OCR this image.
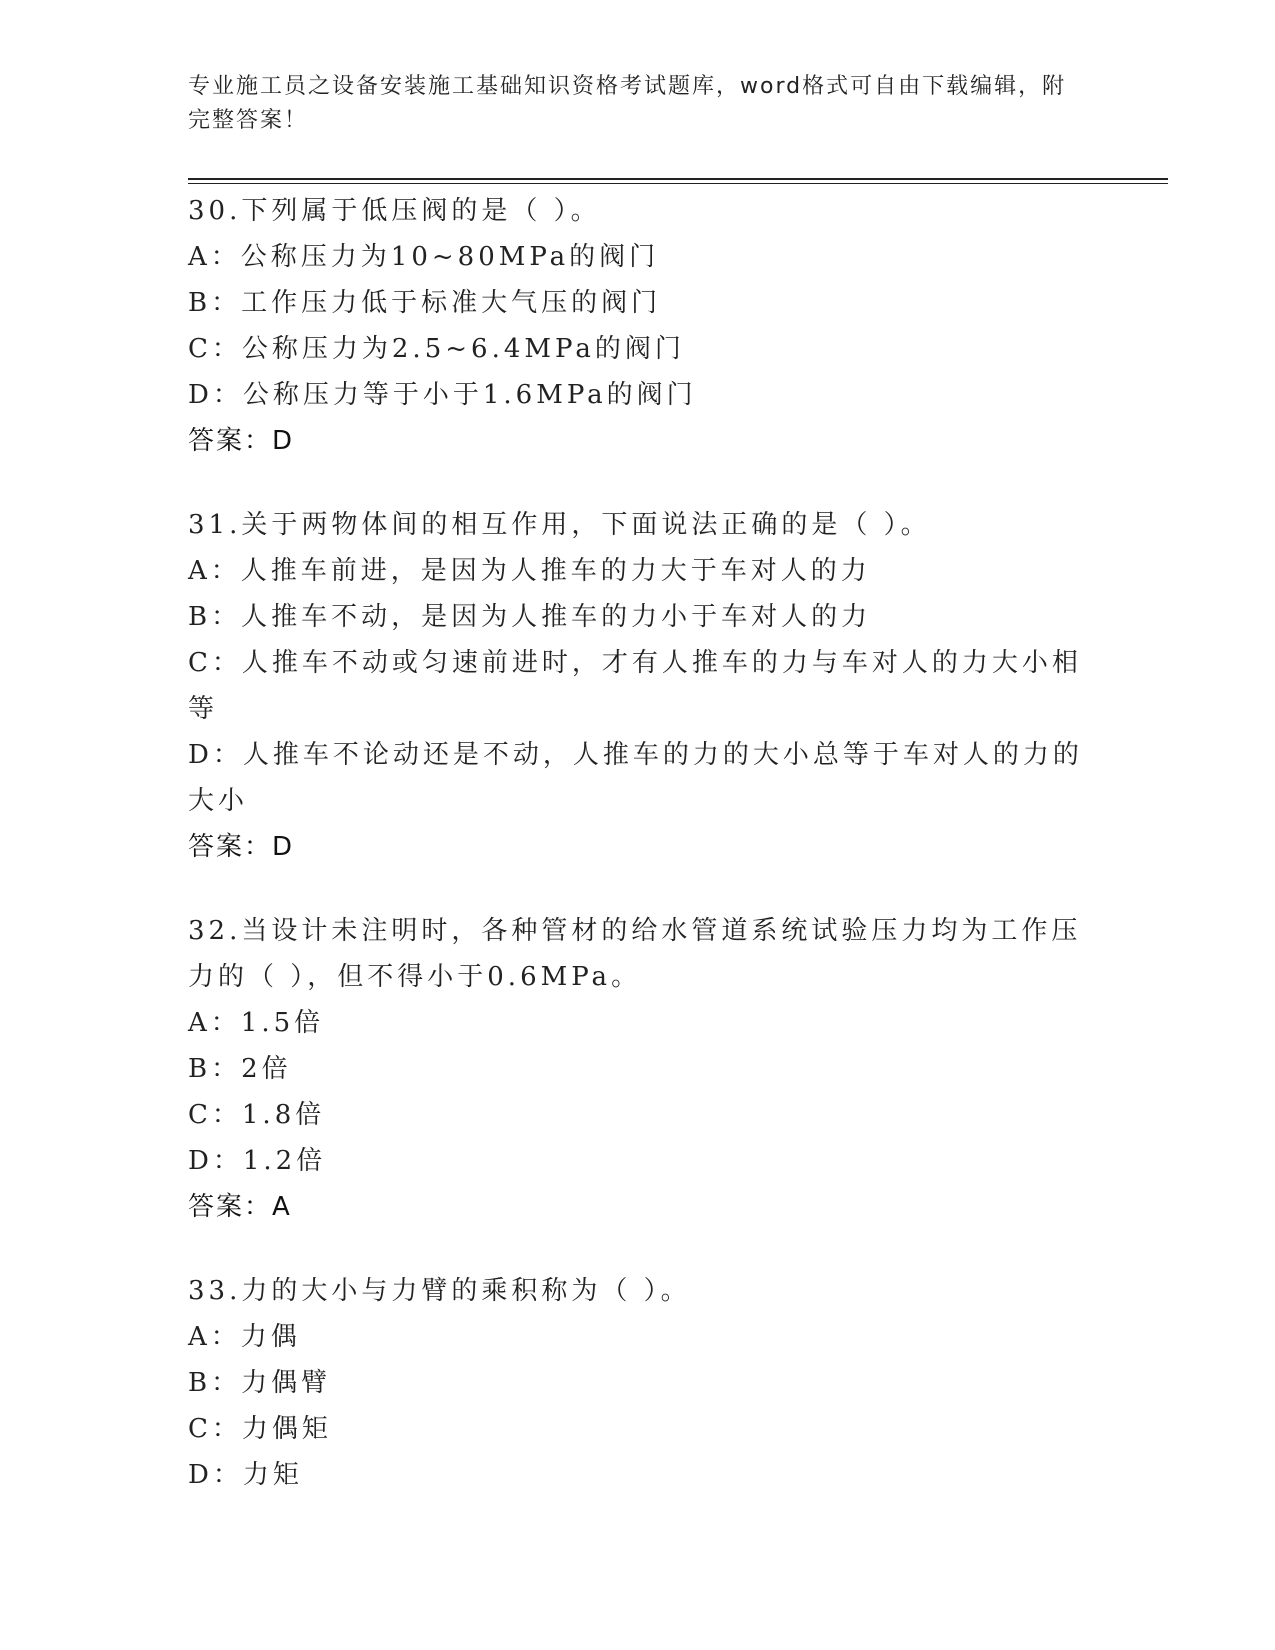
专业施工员之设备安装施工基础知识资格考试题库，word格式可自由下载编辑，附完整答案！
30.下列属于低压阀的是（ ）。
A：公称压力为10~80MPa的阀门
B：工作压力低于标准大气压的阀门
C：公称压力为2.5~6.4MPa的阀门
D：公称压力等于小于1.6MPa的阀门
答案：D
31.关于两物体间的相互作用，下面说法正确的是（ ）。
A：人推车前进，是因为人推车的力大于车对人的力
B：人推车不动，是因为人推车的力小于车对人的力
C：人推车不动或匀速前进时，才有人推车的力与车对人的力大小相等
D：人推车不论动还是不动，人推车的力的大小总等于车对人的力的大小
答案：D
32.当设计未注明时，各种管材的给水管道系统试验压力均为工作压力的（ ），但不得小于0.6MPa。
A：1.5倍
B：2倍
C：1.8倍
D：1.2倍
答案：A
33.力的大小与力臂的乘积称为（ ）。
A：力偶
B：力偶臂
C：力偶矩
D：力矩
